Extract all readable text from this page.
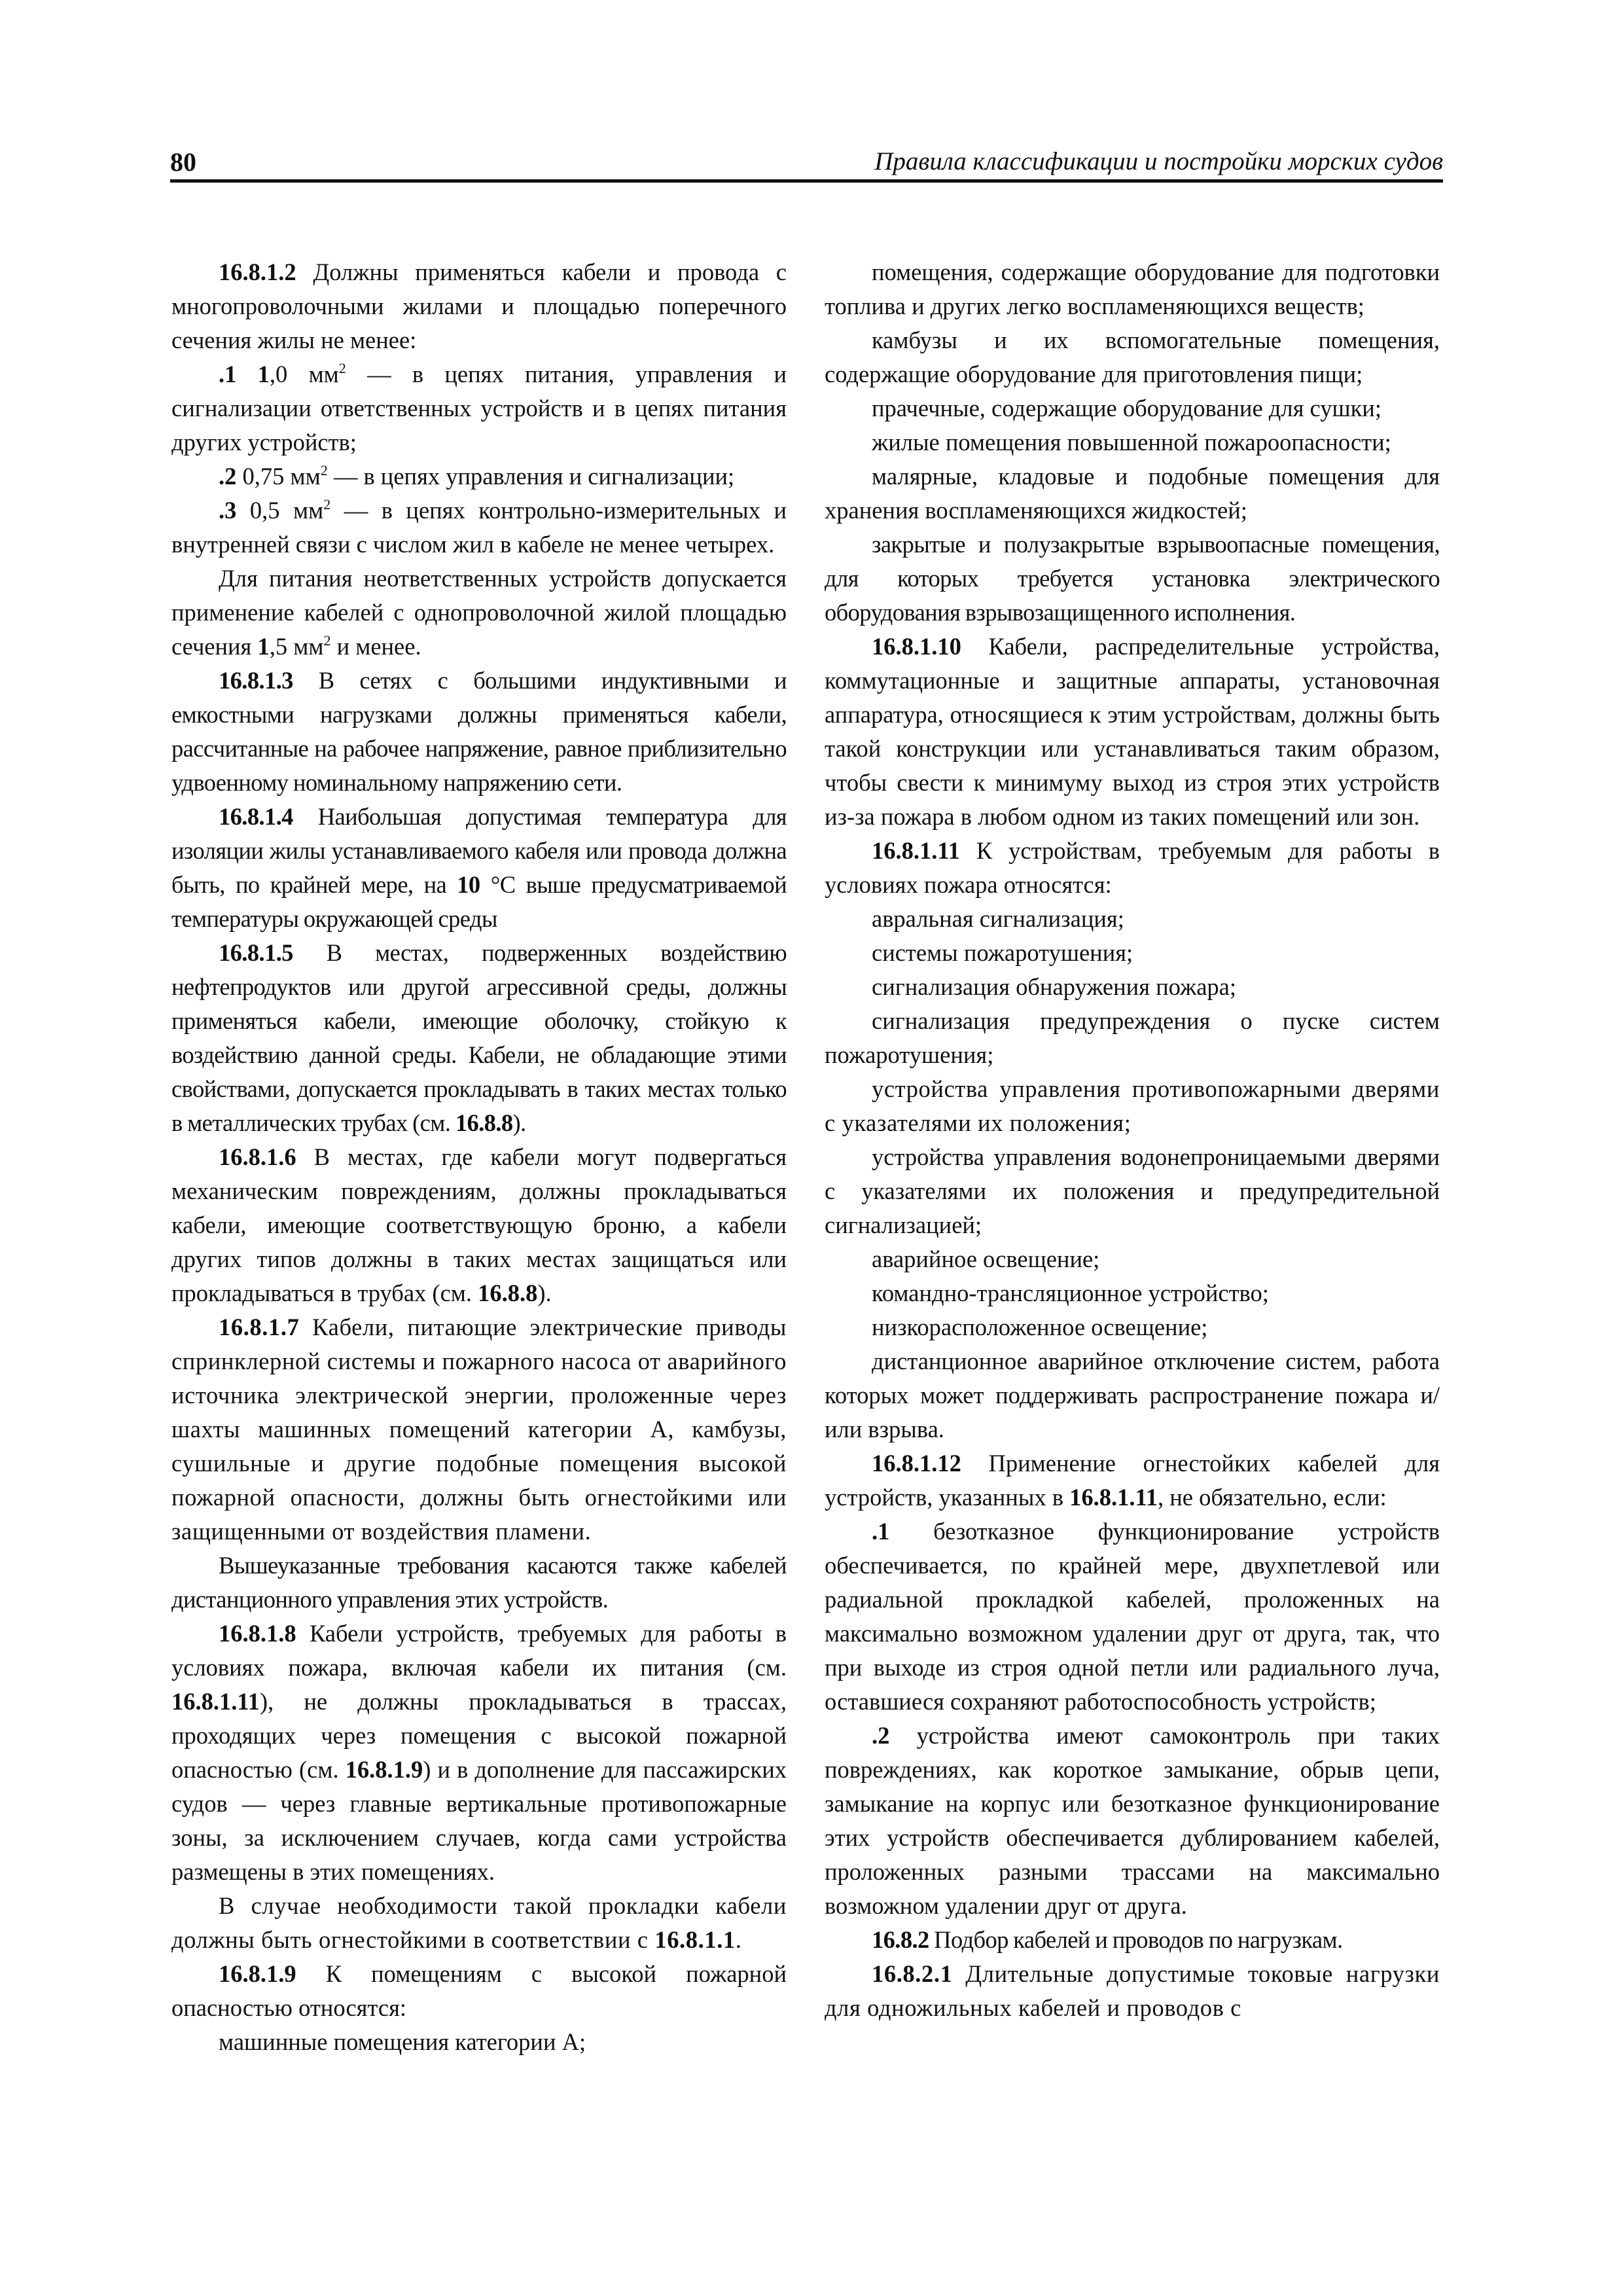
80	Правила классификации и постройки морских судов

16.8.1.2 Должны применяться кабели и провода с многопроволочными жилами и площадью поперечного сечения жилы не менее:

.1 1,0 $мм^2$ — в цепях питания, управления и сигнализации ответственных устройств и в цепях питания других устройств;

.2 0,75 $мм^2$ — в цепях управления и сигнализации;

.3 0,5 $мм^2$ — в цепях контрольно-измерительных и внутренней связи с числом жил в кабеле не менее четырех.

Для питания неответственных устройств допускается применение кабелей с однопроволочной жилой площадью сечения 1,5 $мм^2$ и менее.

16.8.1.3 В сетях с большими индуктивными и емкостными нагрузками должны применяться кабели, рассчитанные на рабочее напряжение, равное приблизительно удвоенному номинальному напряжению сети.

16.8.1.4 Наибольшая допустимая температура для изоляции жилы устанавливаемого кабеля или провода должна быть, по крайней мере, на 10 °С выше предусматриваемой температуры окружающей среды

16.8.1.5 В местах, подверженных воздействию нефтепродуктов или другой агрессивной среды, должны применяться кабели, имеющие оболочку, стойкую к воздействию данной среды. Кабели, не обладающие этими свойствами, допускается прокладывать в таких местах только в металлических трубах (см. 16.8.8).

16.8.1.6 В местах, где кабели могут подвергаться механическим повреждениям, должны прокладываться кабели, имеющие соответствующую броню, а кабели других типов должны в таких местах защищаться или прокладываться в трубах (см. 16.8.8).

16.8.1.7 Кабели, питающие электрические приводы спринклерной системы и пожарного насоса от аварийного источника электрической энергии, проложенные через шахты машинных помещений категории А, камбузы, сушильные и другие подобные помещения высокой пожарной опасности, должны быть огнестойкими или защищенными от воздействия пламени.

Вышеуказанные требования касаются также кабелей дистанционного управления этих устройств.

16.8.1.8 Кабели устройств, требуемых для работы в условиях пожара, включая кабели их питания (см. 16.8.1.11), не должны прокладываться в трассах, проходящих через помещения с высокой пожарной опасностью (см. 16.8.1.9) и в дополнение для пассажирских судов — через главные вертикальные противопожарные зоны, за исключением случаев, когда сами устройства размещены в этих помещениях.

В случае необходимости такой прокладки кабели должны быть огнестойкими в соответствии с 16.8.1.1.

16.8.1.9 К помещениям с высокой пожарной опасностью относятся:

машинные помещения категории А;

помещения, содержащие оборудование для подготовки топлива и других легко воспламеняющихся веществ;

камбузы и их вспомогательные помещения, содержащие оборудование для приготовления пищи;

прачечные, содержащие оборудование для сушки;

жилые помещения повышенной пожароопасности;

малярные, кладовые и подобные помещения для хранения воспламеняющихся жидкостей;

закрытые и полузакрытые взрывоопасные помещения, для которых требуется установка электрического оборудования взрывозащищенного исполнения.

16.8.1.10 Кабели, распределительные устройства, коммутационные и защитные аппараты, установочная аппаратура, относящиеся к этим устройствам, должны быть такой конструкции или устанавливаться таким образом, чтобы свести к минимуму выход из строя этих устройств из-за пожара в любом одном из таких помещений или зон.

16.8.1.11 К устройствам, требуемым для работы в условиях пожара относятся:

авральная сигнализация;

системы пожаротушения;

сигнализация обнаружения пожара;

сигнализация предупреждения о пуске систем пожаротушения;

устройства управления противопожарными дверями с указателями их положения;

устройства управления водонепроницаемыми дверями с указателями их положения и предупредительной сигнализацией;

аварийное освещение;

командно-трансляционное устройство;

низкорасположенное освещение;

дистанционное аварийное отключение систем, работа которых может поддерживать распространение пожара и/или взрыва.

16.8.1.12 Применение огнестойких кабелей для устройств, указанных в 16.8.1.11, не обязательно, если:

.1 безотказное функционирование устройств обеспечивается, по крайней мере, двухпетлевой или радиальной прокладкой кабелей, проложенных на максимально возможном удалении друг от друга, так, что при выходе из строя одной петли или радиального луча, оставшиеся сохраняют работоспособность устройств;

.2 устройства имеют самоконтроль при таких повреждениях, как короткое замыкание, обрыв цепи, замыкание на корпус или безотказное функционирование этих устройств обеспечивается дублированием кабелей, проложенных разными трассами на максимально возможном удалении друг от друга.

16.8.2 Подбор кабелей и проводов по нагрузкам.

16.8.2.1 Длительные допустимые токовые нагрузки для одножильных кабелей и проводов с
